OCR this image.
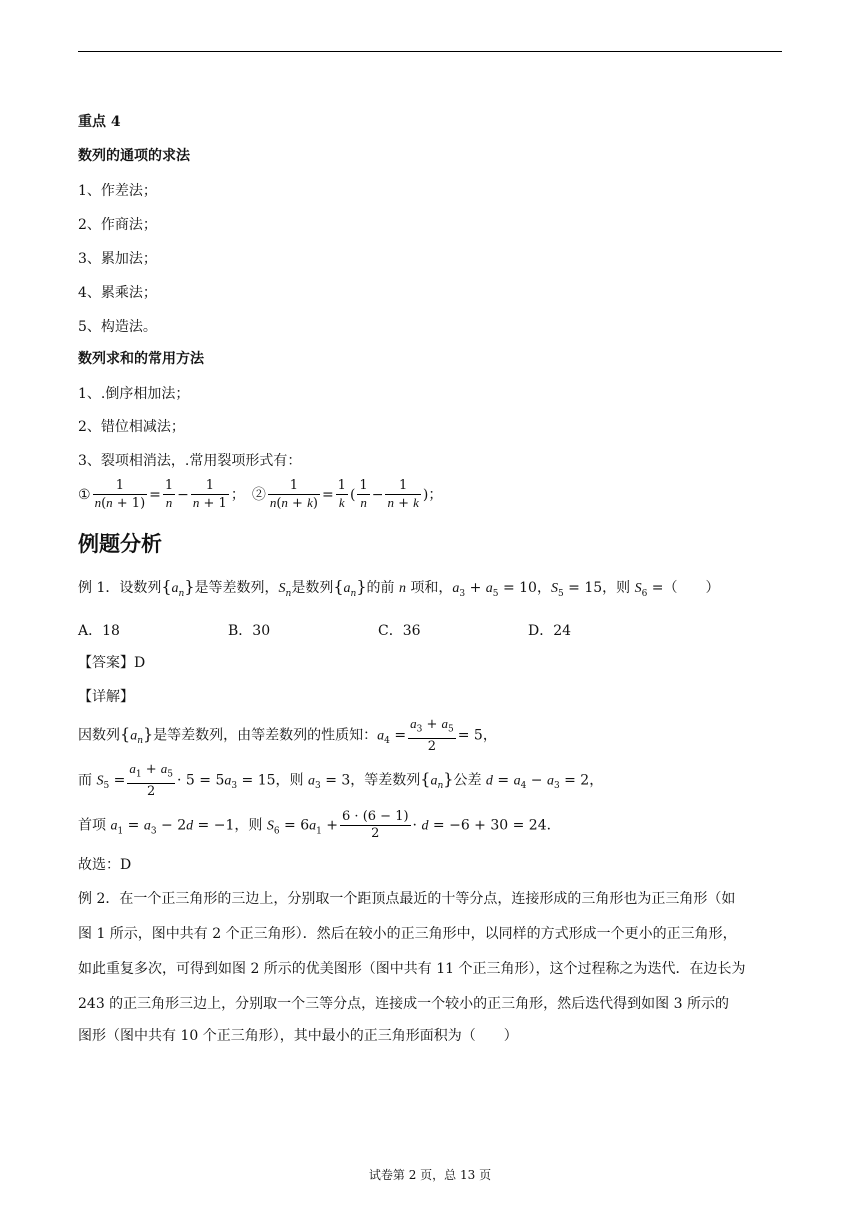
重点 4
数列的通项的求法
1、作差法；
2、作商法；
3、累加法；
4、累乘法；
5、构造法。
数列求和的常用方法
1、.倒序相加法；
2、错位相减法；
3、裂项相消法，.常用裂项形式有：
① $\frac{1}{n(n + 1)} = \frac{1}{n} - \frac{1}{n + 1}$ ；　② $\frac{1}{n(n + k)} = \frac{1}{k}$ ( $\frac{1}{n} - \frac{1}{n + k}$ )；
例题分析
例 1．设数列$\{a_n\}$是等差数列，$S_n$是数列$\{a_n\}$的前 n 项和，$a_3 + a_5 = 10$，$S_5 = 15$，则 $S_6$ =（　　）
A．18	B．30	C．36	D．24
【答案】D
【详解】
因数列$\{a_n\}$是等差数列，由等差数列的性质知：$a_4 = \frac{a_3 + a_5}{2} = 5$，
而 $S_5 = \frac{a_1 + a_5}{2} \cdot 5 = 5a_3 = 15$，则 $a_3 = 3$，等差数列$\{a_n\}$公差 $d = a_4 - a_3 = 2$，
首项 $a_1 = a_3 - 2d = -1$，则 $S_6 = 6a_1 + \frac{6 \cdot (6 - 1)}{2} \cdot d = -6 + 30 = 24$．
故选：D
例 2．在一个正三角形的三边上，分别取一个距顶点最近的十等分点，连接形成的三角形也为正三角形（如
图 1 所示，图中共有 2 个正三角形）．然后在较小的正三角形中，以同样的方式形成一个更小的正三角形，
如此重复多次，可得到如图 2 所示的优美图形（图中共有 11 个正三角形），这个过程称之为迭代．在边长为
243 的正三角形三边上，分别取一个三等分点，连接成一个较小的正三角形，然后迭代得到如图 3 所示的
图形（图中共有 10 个正三角形），其中最小的正三角形面积为（　　）
试卷第 2 页，总 13 页
